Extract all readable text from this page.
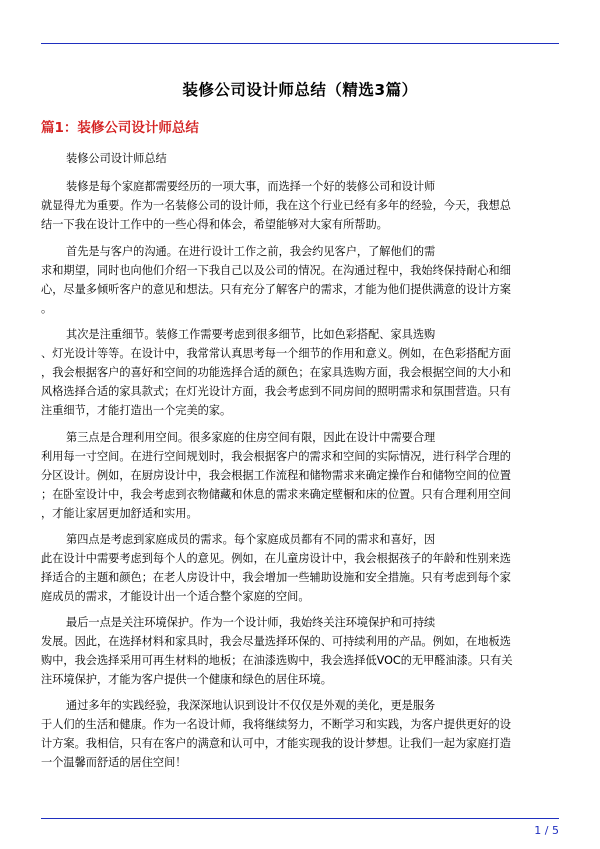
装修公司设计师总结（精选3篇）
篇1：装修公司设计师总结
装修公司设计师总结
装修是每个家庭都需要经历的一项大事，而选择一个好的装修公司和设计师
就显得尤为重要。作为一名装修公司的设计师，我在这个行业已经有多年的经验，今天，我想总
结一下我在设计工作中的一些心得和体会，希望能够对大家有所帮助。
首先是与客户的沟通。在进行设计工作之前，我会约见客户，了解他们的需
求和期望，同时也向他们介绍一下我自己以及公司的情况。在沟通过程中，我始终保持耐心和细
心，尽量多倾听客户的意见和想法。只有充分了解客户的需求，才能为他们提供满意的设计方案
。
其次是注重细节。装修工作需要考虑到很多细节，比如色彩搭配、家具选购
、灯光设计等等。在设计中，我常常认真思考每一个细节的作用和意义。例如，在色彩搭配方面
，我会根据客户的喜好和空间的功能选择合适的颜色；在家具选购方面，我会根据空间的大小和
风格选择合适的家具款式；在灯光设计方面，我会考虑到不同房间的照明需求和氛围营造。只有
注重细节，才能打造出一个完美的家。
第三点是合理利用空间。很多家庭的住房空间有限，因此在设计中需要合理
利用每一寸空间。在进行空间规划时，我会根据客户的需求和空间的实际情况，进行科学合理的
分区设计。例如，在厨房设计中，我会根据工作流程和储物需求来确定操作台和储物空间的位置
；在卧室设计中，我会考虑到衣物储藏和休息的需求来确定壁橱和床的位置。只有合理利用空间
，才能让家居更加舒适和实用。
第四点是考虑到家庭成员的需求。每个家庭成员都有不同的需求和喜好，因
此在设计中需要考虑到每个人的意见。例如，在儿童房设计中，我会根据孩子的年龄和性别来选
择适合的主题和颜色；在老人房设计中，我会增加一些辅助设施和安全措施。只有考虑到每个家
庭成员的需求，才能设计出一个适合整个家庭的空间。
最后一点是关注环境保护。作为一个设计师，我始终关注环境保护和可持续
发展。因此，在选择材料和家具时，我会尽量选择环保的、可持续利用的产品。例如，在地板选
购中，我会选择采用可再生材料的地板；在油漆选购中，我会选择低VOC的无甲醛油漆。只有关
注环境保护，才能为客户提供一个健康和绿色的居住环境。
通过多年的实践经验，我深深地认识到设计不仅仅是外观的美化，更是服务
于人们的生活和健康。作为一名设计师，我将继续努力，不断学习和实践，为客户提供更好的设
计方案。我相信，只有在客户的满意和认可中，才能实现我的设计梦想。让我们一起为家庭打造
一个温馨而舒适的居住空间！
1 / 5
